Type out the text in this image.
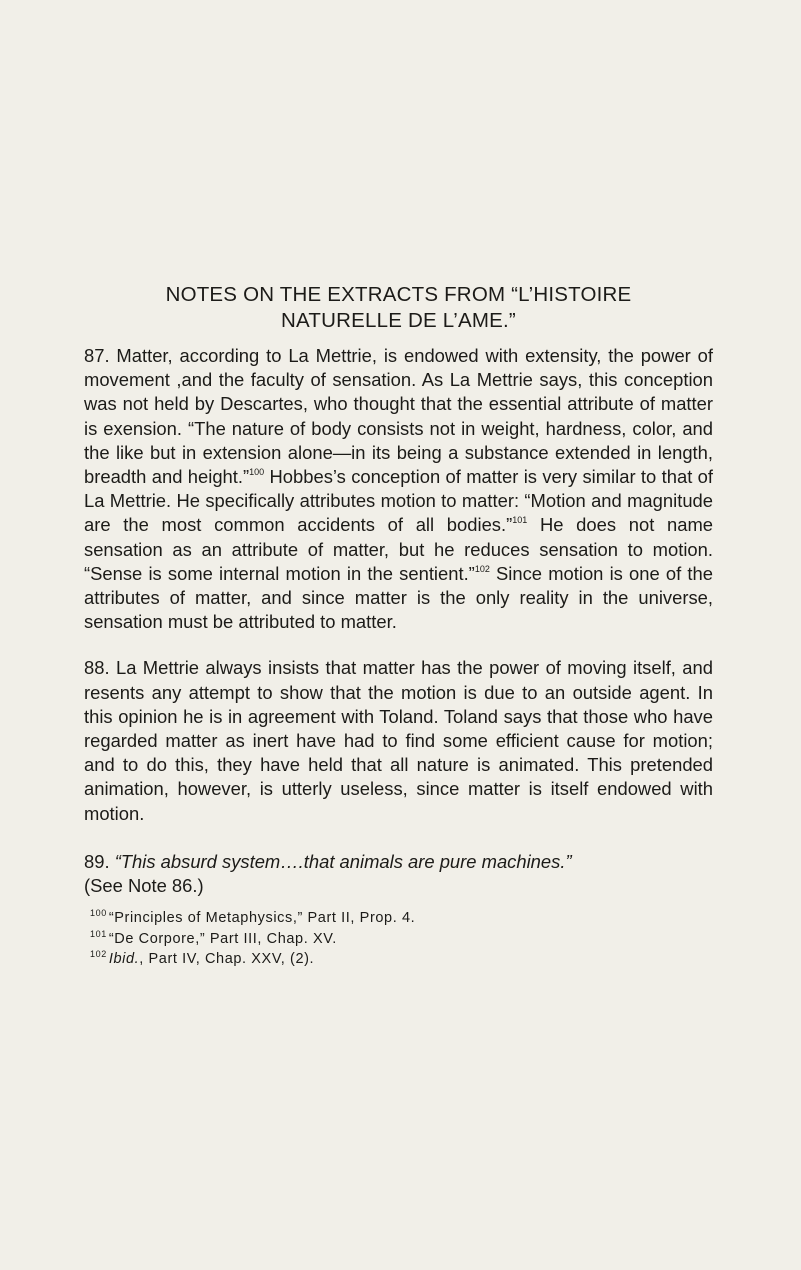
NOTES ON THE EXTRACTS FROM “L’HISTOIRE
NATURELLE DE L’AME.”

87. Matter, according to La Mettrie, is endowed with extensity, the power of movement ,and the faculty of sensation. As La Mettrie says, this conception was not held by Descartes, who thought that the essential attribute of matter is exension. “The nature of body consists not in weight, hardness, color, and the like but in extension alone—in its being a substance extended in length, breadth and height.”$^{100}$ Hobbes’s conception of matter is very similar to that of La Mettrie. He specifically attributes motion to matter: “Motion and magnitude are the most common accidents of all bodies.”$^{101}$ He does not name sensation as an attribute of matter, but he reduces sensation to motion. “Sense is some internal motion in the sentient.”$^{102}$ Since motion is one of the attributes of matter, and since matter is the only reality in the universe, sensation must be attributed to matter.

88. La Mettrie always insists that matter has the power of moving itself, and resents any attempt to show that the motion is due to an outside agent. In this opinion he is in agreement with Toland. Toland says that those who have regarded matter as inert have had to find some efficient cause for motion; and to do this, they have held that all nature is animated. This pretended animation, however, is utterly useless, since matter is itself endowed with motion.

89. “This absurd system….that animals are pure machines.”
(See Note 86.)

$^{100}$ “Principles of Metaphysics,” Part II, Prop. 4.
$^{101}$ “De Corpore,” Part III, Chap. XV.
$^{102}$ Ibid., Part IV, Chap. XXV, (2).
